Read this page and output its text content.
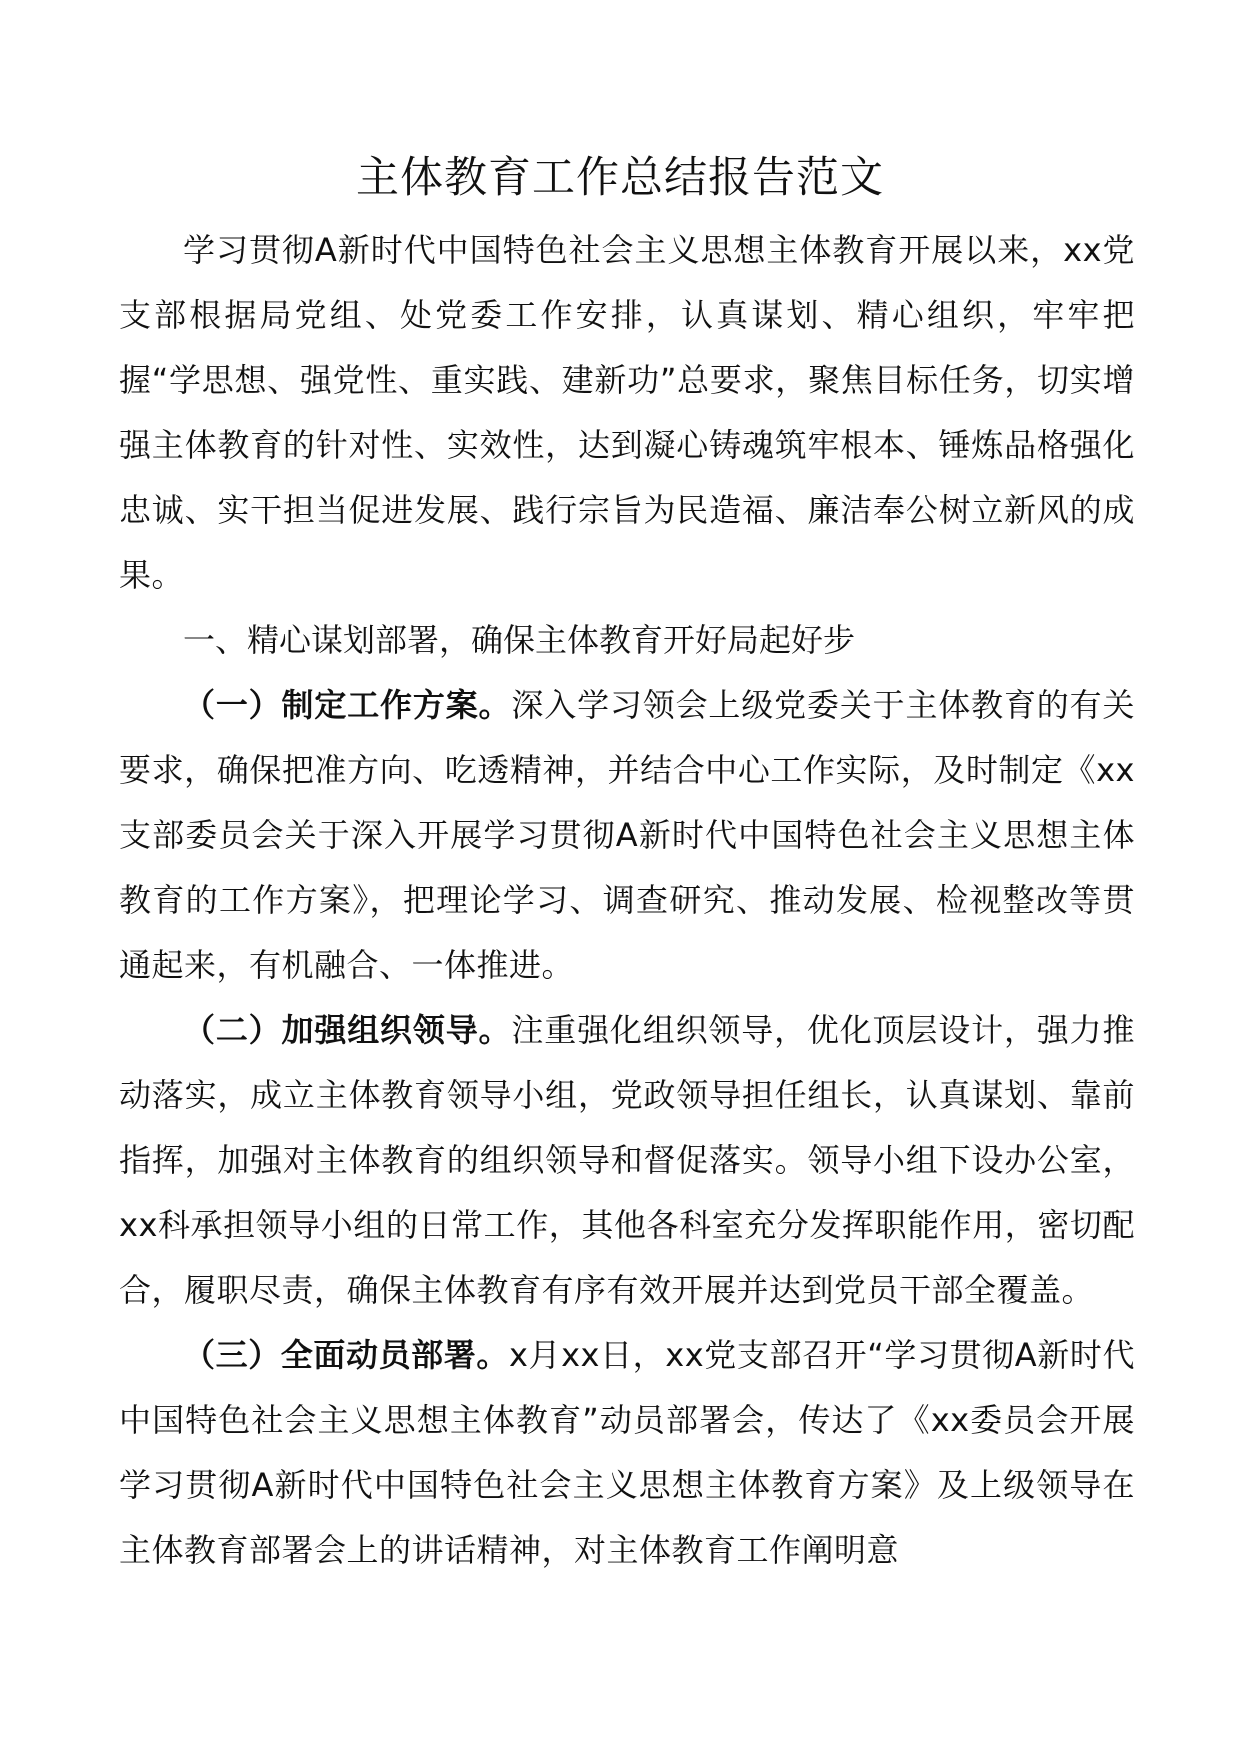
主体教育工作总结报告范文

学习贯彻A新时代中国特色社会主义思想主体教育开展以来，xx党支部根据局党组、处党委工作安排，认真谋划、精心组织，牢牢把握“学思想、强党性、重实践、建新功”总要求，聚焦目标任务，切实增强主体教育的针对性、实效性，达到凝心铸魂筑牢根本、锤炼品格强化忠诚、实干担当促进发展、践行宗旨为民造福、廉洁奉公树立新风的成果。

一、精心谋划部署，确保主体教育开好局起好步

（一）制定工作方案。深入学习领会上级党委关于主体教育的有关要求，确保把准方向、吃透精神，并结合中心工作实际，及时制定《xx支部委员会关于深入开展学习贯彻A新时代中国特色社会主义思想主体教育的工作方案》，把理论学习、调查研究、推动发展、检视整改等贯通起来，有机融合、一体推进。

（二）加强组织领导。注重强化组织领导，优化顶层设计，强力推动落实，成立主体教育领导小组，党政领导担任组长，认真谋划、靠前指挥，加强对主体教育的组织领导和督促落实。领导小组下设办公室，xx科承担领导小组的日常工作，其他各科室充分发挥职能作用，密切配合，履职尽责，确保主体教育有序有效开展并达到党员干部全覆盖。

（三）全面动员部署。x月xx日，xx党支部召开“学习贯彻A新时代中国特色社会主义思想主体教育”动员部署会，传达了《xx委员会开展学习贯彻A新时代中国特色社会主义思想主体教育方案》及上级领导在主体教育部署会上的讲话精神，对主体教育工作阐明意
